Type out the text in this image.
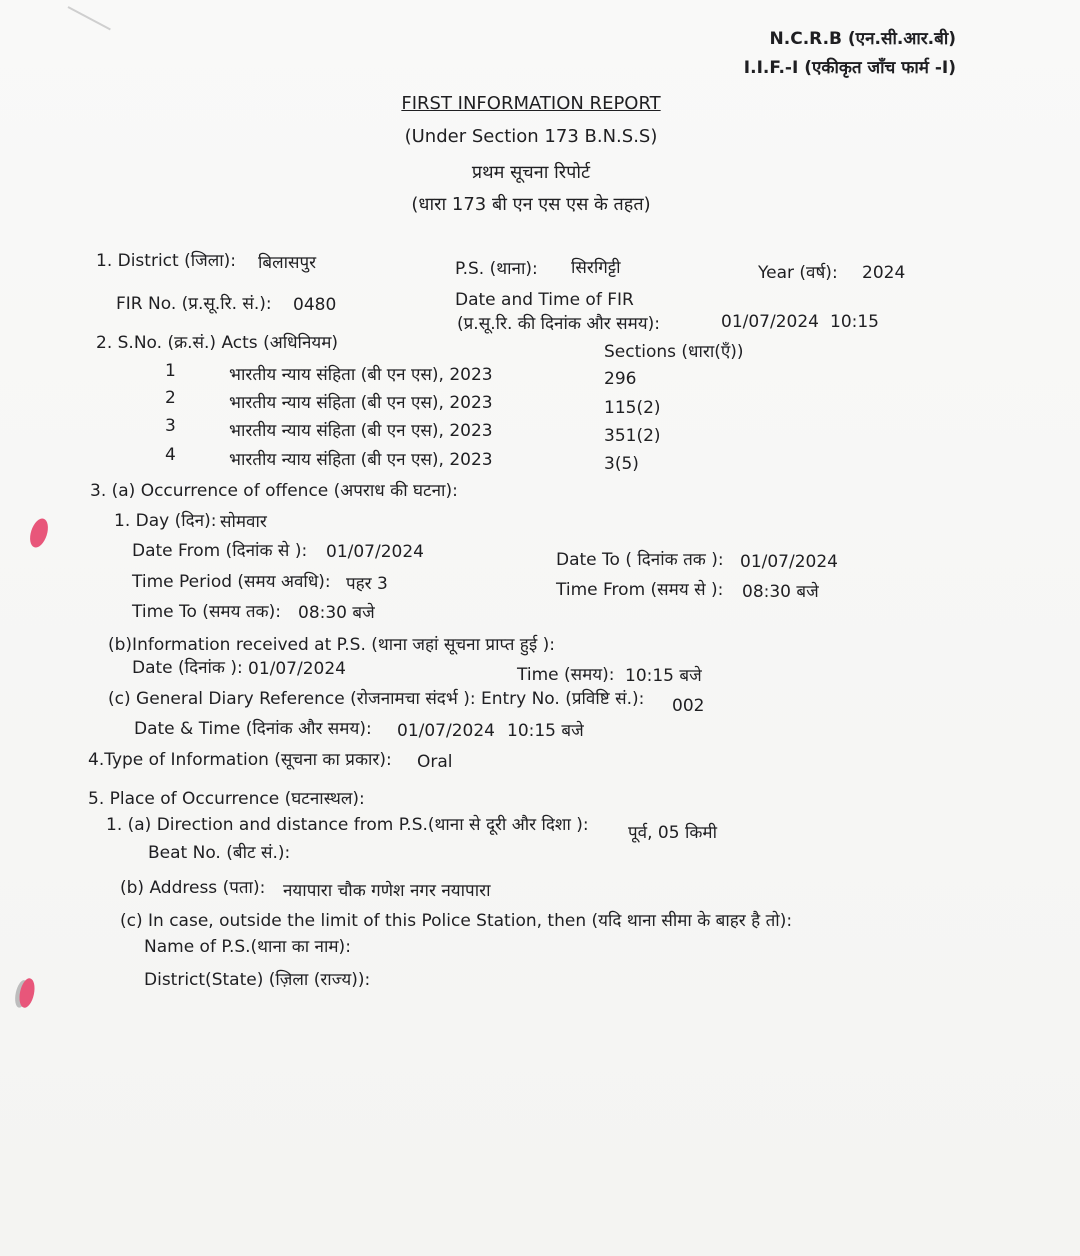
N.C.R.B (एन.सी.आर.बी)
I.I.F.-I (एकीकृत जाँच फार्म -I)
FIRST INFORMATION REPORT
(Under Section 173 B.N.S.S)
प्रथम सूचना रिपोर्ट
(धारा 173 बी एन एस एस के तहत)
1. District (जिला): बिलासपुर	P.S. (थाना): सिरगिट्टी	Year (वर्ष): 2024
FIR No. (प्र.सू.रि. सं.): 0480	Date and Time of FIR
(प्र.सू.रि. की दिनांक और समय):	01/07/2024 10:15
2. S.No. (क्र.सं.) Acts (अधिनियम)	Sections (धारा(एँ))
1	भारतीय न्याय संहिता (बी एन एस), 2023	296
2	भारतीय न्याय संहिता (बी एन एस), 2023	115(2)
3	भारतीय न्याय संहिता (बी एन एस), 2023	351(2)
4	भारतीय न्याय संहिता (बी एन एस), 2023	3(5)
3. (a) Occurrence of offence (अपराध की घटना):
1. Day (दिन): सोमवार
Date From (दिनांक से ): 01/07/2024	Date To ( दिनांक तक ): 01/07/2024
Time Period (समय अवधि): पहर 3	Time From (समय से ): 08:30 बजे
Time To (समय तक): 08:30 बजे
(b)Information received at P.S. (थाना जहां सूचना प्राप्त हुई ):
Date (दिनांक ): 01/07/2024	Time (समय): 10:15 बजे
(c) General Diary Reference (रोजनामचा संदर्भ ): Entry No. (प्रविष्टि सं.): 002
Date & Time (दिनांक और समय): 01/07/2024 10:15 बजे
4.Type of Information (सूचना का प्रकार): Oral
5. Place of Occurrence (घटनास्थल):
1. (a) Direction and distance from P.S.(थाना से दूरी और दिशा ): पूर्व, 05 किमी
Beat No. (बीट सं.):
(b) Address (पता): नयापारा चौक गणेश नगर नयापारा
(c) In case, outside the limit of this Police Station, then (यदि थाना सीमा के बाहर है तो):
Name of P.S.(थाना का नाम):
District(State) (ज़िला (राज्य)):
